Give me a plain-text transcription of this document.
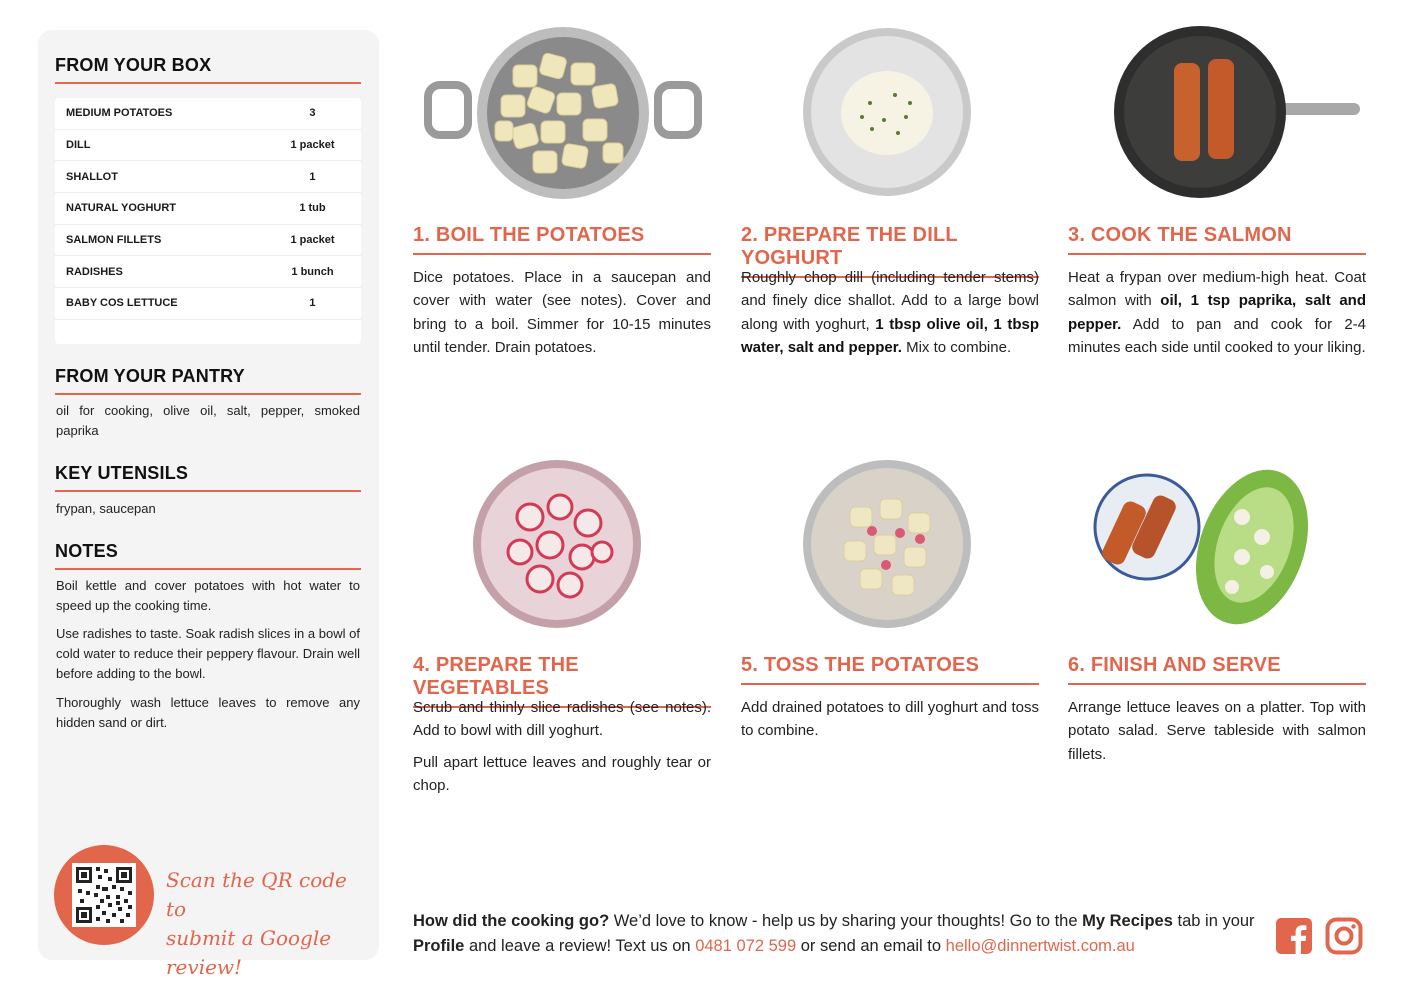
FROM YOUR BOX
MEDIUM POTATOES	3
DILL	1 packet
SHALLOT	1
NATURAL YOGHURT	1 tub
SALMON FILLETS	1 packet
RADISHES	1 bunch
BABY COS LETTUCE	1
FROM YOUR PANTRY

oil for cooking, olive oil, salt, pepper, smoked paprika

KEY UTENSILS

frypan, saucepan

NOTES

Boil kettle and cover potatoes with hot water to speed up the cooking time.

Use radishes to taste. Soak radish slices in a bowl of cold water to reduce their peppery flavour. Drain well before adding to the bowl.

Thoroughly wash lettuce leaves to remove any hidden sand or dirt.

Scan the QR code to
submit a Google review!
1. BOIL THE POTATOES

Dice potatoes. Place in a saucepan and cover with water (see notes). Cover and bring to a boil. Simmer for 10-15 minutes until tender. Drain potatoes.

2. PREPARE THE DILL YOGHURT

Roughly chop dill (including tender stems) and finely dice shallot. Add to a large bowl along with yoghurt, 1 tbsp olive oil, 1 tbsp water, salt and pepper. Mix to combine.

3. COOK THE SALMON

Heat a frypan over medium-high heat. Coat salmon with oil, 1 tsp paprika, salt and pepper. Add to pan and cook for 2-4 minutes each side until cooked to your liking.

4. PREPARE THE VEGETABLES

Scrub and thinly slice radishes (see notes). Add to bowl with dill yoghurt.

Pull apart lettuce leaves and roughly tear or chop.

5. TOSS THE POTATOES

Add drained potatoes to dill yoghurt and toss to combine.

6. FINISH AND SERVE

Arrange lettuce leaves on a platter. Top with potato salad. Serve tableside with salmon fillets.

How did the cooking go? We’d love to know - help us by sharing your thoughts! Go to the My Recipes tab in your Profile and leave a review! Text us on 0481 072 599 or send an email to hello@dinnertwist.com.au
